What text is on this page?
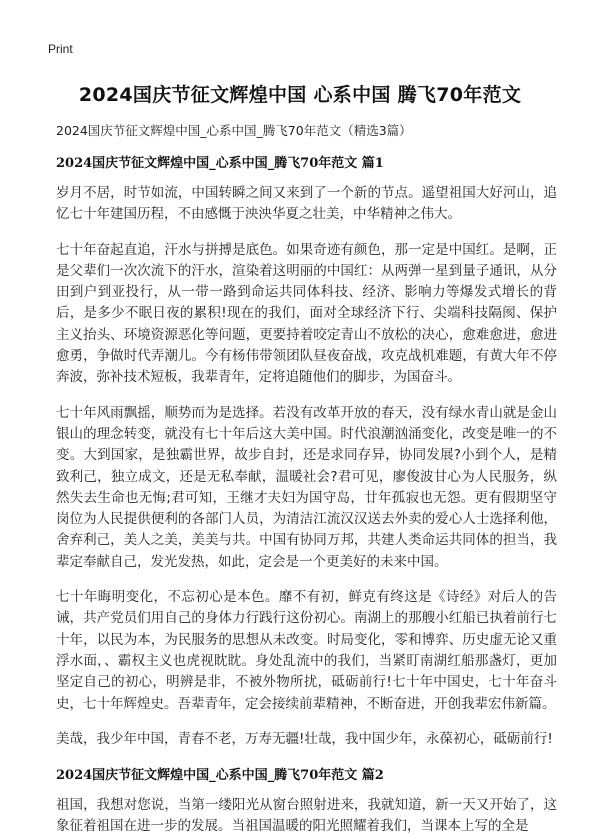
Print
2024国庆节征文辉煌中国 心系中国 腾飞70年范文

2024国庆节征文辉煌中国_心系中国_腾飞70年范文（精选3篇）

2024国庆节征文辉煌中国_心系中国_腾飞70年范文 篇1

岁月不居，时节如流，中国转瞬之间又来到了一个新的节点。遥望祖国大好河山，追忆七十年建国历程，不由感慨于泱泱华夏之壮美，中华精神之伟大。

七十年奋起直追，汗水与拼搏是底色。如果奇迹有颜色，那一定是中国红。是啊，正是父辈们一次次流下的汗水，渲染着这明丽的中国红：从两弹一星到量子通讯，从分田到户到亚投行，从一带一路到命运共同体科技、经济、影响力等爆发式增长的背后，是多少不眠日夜的累积!现在的我们，面对全球经济下行、尖端科技隔阂、保护主义抬头、环境资源恶化等问题，更要持着咬定青山不放松的决心，愈难愈进，愈进愈勇，争做时代弄潮儿。今有杨伟带领团队昼夜奋战，攻克战机难题，有黄大年不停奔波，弥补技术短板，我辈青年，定将追随他们的脚步，为国奋斗。

七十年风雨飘摇，顺势而为是选择。若没有改革开放的春天，没有绿水青山就是金山银山的理念转变，就没有七十年后这大美中国。时代浪潮汹涌变化，改变是唯一的不变。大到国家，是独霸世界，故步自封，还是求同存异，协同发展?小到个人，是精致利己，独立成文，还是无私奉献，温暖社会?君可见，廖俊波甘心为人民服务，纵然失去生命也无悔;君可知，王继才夫妇为国守岛，廿年孤寂也无怨。更有假期坚守岗位为人民提供便利的各部门人员，为清洁江流汉汉送去外卖的爱心人士选择利他，舍弃利己，美人之美，美美与共。中国有协同万邦，共建人类命运共同体的担当，我辈定奉献自己，发光发热，如此，定会是一个更美好的未来中国。

七十年晦明变化，不忘初心是本色。靡不有初，鲜克有终这是《诗经》对后人的告诫，共产党员们用自己的身体力行践行这份初心。南湖上的那艘小红船已执着前行七十年，以民为本，为民服务的思想从未改变。时局变化，零和博弈、历史虚无论又重浮水面，、霸权主义也虎视眈眈。身处乱流中的我们，当紧盯南湖红船那盏灯，更加坚定自己的初心，明辨是非，不被外物所扰，砥砺前行!七十年中国史，七十年奋斗史，七十年辉煌史。吾辈青年，定会接续前辈精神，不断奋进，开创我辈宏伟新篇。

美哉，我少年中国，青春不老，万寿无疆!壮哉，我中国少年，永葆初心，砥砺前行!

2024国庆节征文辉煌中国_心系中国_腾飞70年范文 篇2

祖国，我想对您说，当第一缕阳光从窗台照射进来，我就知道，新一天又开始了，这象征着祖国在进一步的发展。当祖国温暖的阳光照耀着我们，当课本上写的全是
